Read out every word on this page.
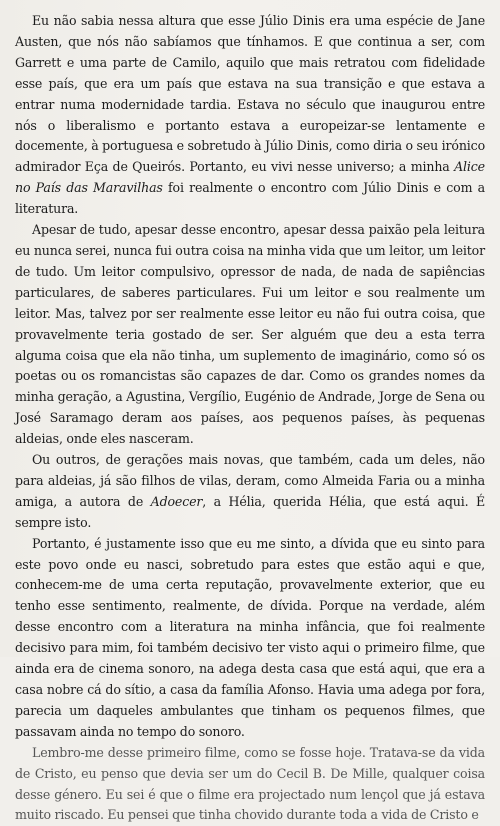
Eu não sabia nessa altura que esse Júlio Dinis era uma espécie de Jane Austen, que nós não sabíamos que tínhamos. E que continua a ser, com Garrett e uma parte de Camilo, aquilo que mais retratou com fidelidade esse país, que era um país que estava na sua transição e que estava a entrar numa modernidade tardia. Estava no século que inaugurou entre nós o liberalismo e portanto estava a europeizar-se lentamente e docemente, à portuguesa e sobretudo à Júlio Dinis, como diria o seu irónico admirador Eça de Queirós. Portanto, eu vivi nesse universo; a minha Alice no País das Maravilhas foi realmente o encontro com Júlio Dinis e com a literatura.

Apesar de tudo, apesar desse encontro, apesar dessa paixão pela leitura eu nunca serei, nunca fui outra coisa na minha vida que um leitor, um leitor de tudo. Um leitor compulsivo, opressor de nada, de nada de sapiências particulares, de saberes particulares. Fui um leitor e sou realmente um leitor. Mas, talvez por ser realmente esse leitor eu não fui outra coisa, que provavelmente teria gostado de ser. Ser alguém que deu a esta terra alguma coisa que ela não tinha, um suplemento de imaginário, como só os poetas ou os romancistas são capazes de dar. Como os grandes nomes da minha geração, a Agustina, Vergílio, Eugénio de Andrade, Jorge de Sena ou José Saramago deram aos países, aos pequenos países, às pequenas aldeias, onde eles nasceram.

Ou outros, de gerações mais novas, que também, cada um deles, não para aldeias, já são filhos de vilas, deram, como Almeida Faria ou a minha amiga, a autora de Adoecer, a Hélia, querida Hélia, que está aqui. É sempre isto.

Portanto, é justamente isso que eu me sinto, a dívida que eu sinto para este povo onde eu nasci, sobretudo para estes que estão aqui e que, conhecem-me de uma certa reputação, provavelmente exterior, que eu tenho esse sentimento, realmente, de dívida. Porque na verdade, além desse encontro com a literatura na minha infância, que foi realmente decisivo para mim, foi também decisivo ter visto aqui o primeiro filme, que ainda era de cinema sonoro, na adega desta casa que está aqui, que era a casa nobre cá do sítio, a casa da família Afonso. Havia uma adega por fora, parecia um daqueles ambulantes que tinham os pequenos filmes, que passavam ainda no tempo do sonoro.

Lembro-me desse primeiro filme, como se fosse hoje. Tratava-se da vida de Cristo, eu penso que devia ser um do Cecil B. De Mille, qualquer coisa desse género. Eu sei é que o filme era projectado num lençol que já estava muito riscado. Eu pensei que tinha chovido durante toda a vida de Cristo e
